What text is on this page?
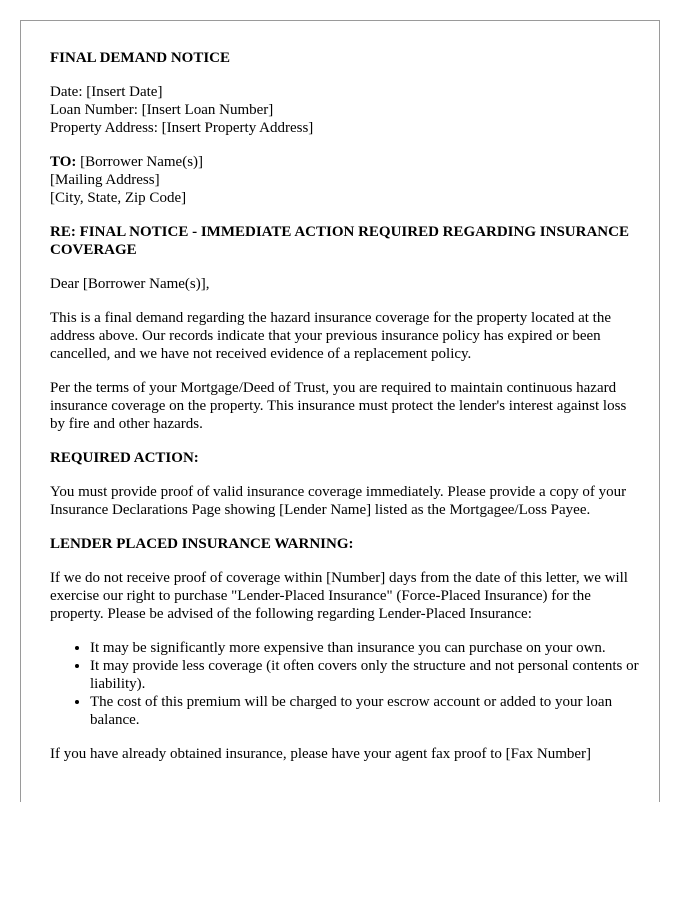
FINAL DEMAND NOTICE

Date: [Insert Date]
Loan Number: [Insert Loan Number]
Property Address: [Insert Property Address]

TO: [Borrower Name(s)]
[Mailing Address]
[City, State, Zip Code]

RE: FINAL NOTICE - IMMEDIATE ACTION REQUIRED REGARDING INSURANCE COVERAGE

Dear [Borrower Name(s)],

This is a final demand regarding the hazard insurance coverage for the property located at the address above. Our records indicate that your previous insurance policy has expired or been cancelled, and we have not received evidence of a replacement policy.

Per the terms of your Mortgage/Deed of Trust, you are required to maintain continuous hazard insurance coverage on the property. This insurance must protect the lender's interest against loss by fire and other hazards.

REQUIRED ACTION:

You must provide proof of valid insurance coverage immediately. Please provide a copy of your Insurance Declarations Page showing [Lender Name] listed as the Mortgagee/Loss Payee.

LENDER PLACED INSURANCE WARNING:

If we do not receive proof of coverage within [Number] days from the date of this letter, we will exercise our right to purchase "Lender-Placed Insurance" (Force-Placed Insurance) for the property. Please be advised of the following regarding Lender-Placed Insurance:

• It may be significantly more expensive than insurance you can purchase on your own.
• It may provide less coverage (it often covers only the structure and not personal contents or liability).
• The cost of this premium will be charged to your escrow account or added to your loan balance.

If you have already obtained insurance, please have your agent fax proof to [Fax Number]
